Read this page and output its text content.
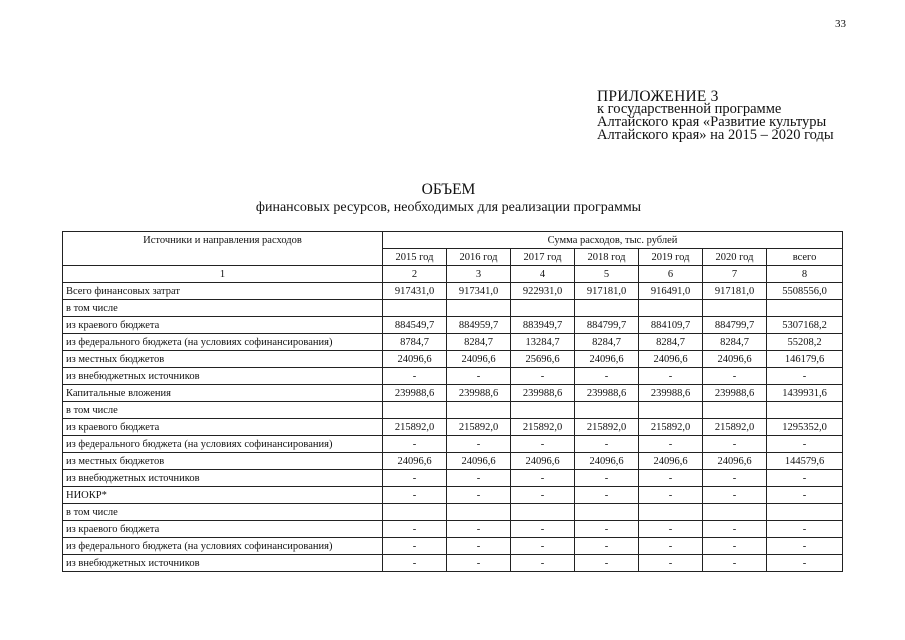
33
ПРИЛОЖЕНИЕ 3
к государственной программе
Алтайского края «Развитие культуры
Алтайского края» на 2015 – 2020 годы
ОБЪЕМ
финансовых ресурсов, необходимых для реализации программы
Источники и направления расходов	Сумма расходов, тыс. рублей						
	2015 год	2016 год	2017 год	2018 год	2019 год	2020 год	всего
1	2	3	4	5	6	7	8
Всего финансовых затрат	917431,0	917341,0	922931,0	917181,0	916491,0	917181,0	5508556,0
в том числе							
из краевого бюджета	884549,7	884959,7	883949,7	884799,7	884109,7	884799,7	5307168,2
из федерального бюджета (на условиях софинансирования)	8784,7	8284,7	13284,7	8284,7	8284,7	8284,7	55208,2
из местных бюджетов	24096,6	24096,6	25696,6	24096,6	24096,6	24096,6	146179,6
из внебюджетных источников	-	-	-	-	-	-	-
Капитальные вложения	239988,6	239988,6	239988,6	239988,6	239988,6	239988,6	1439931,6
в том числе							
из краевого бюджета	215892,0	215892,0	215892,0	215892,0	215892,0	215892,0	1295352,0
из федерального бюджета (на условиях софинансирования)	-	-	-	-	-	-	-
из местных бюджетов	24096,6	24096,6	24096,6	24096,6	24096,6	24096,6	144579,6
из внебюджетных источников	-	-	-	-	-	-	-
НИОКР*	-	-	-	-	-	-	-
в том числе							
из краевого бюджета	-	-	-	-	-	-	-
из федерального бюджета (на условиях софинансирования)	-	-	-	-	-	-	-
из внебюджетных источников	-	-	-	-	-	-	-
